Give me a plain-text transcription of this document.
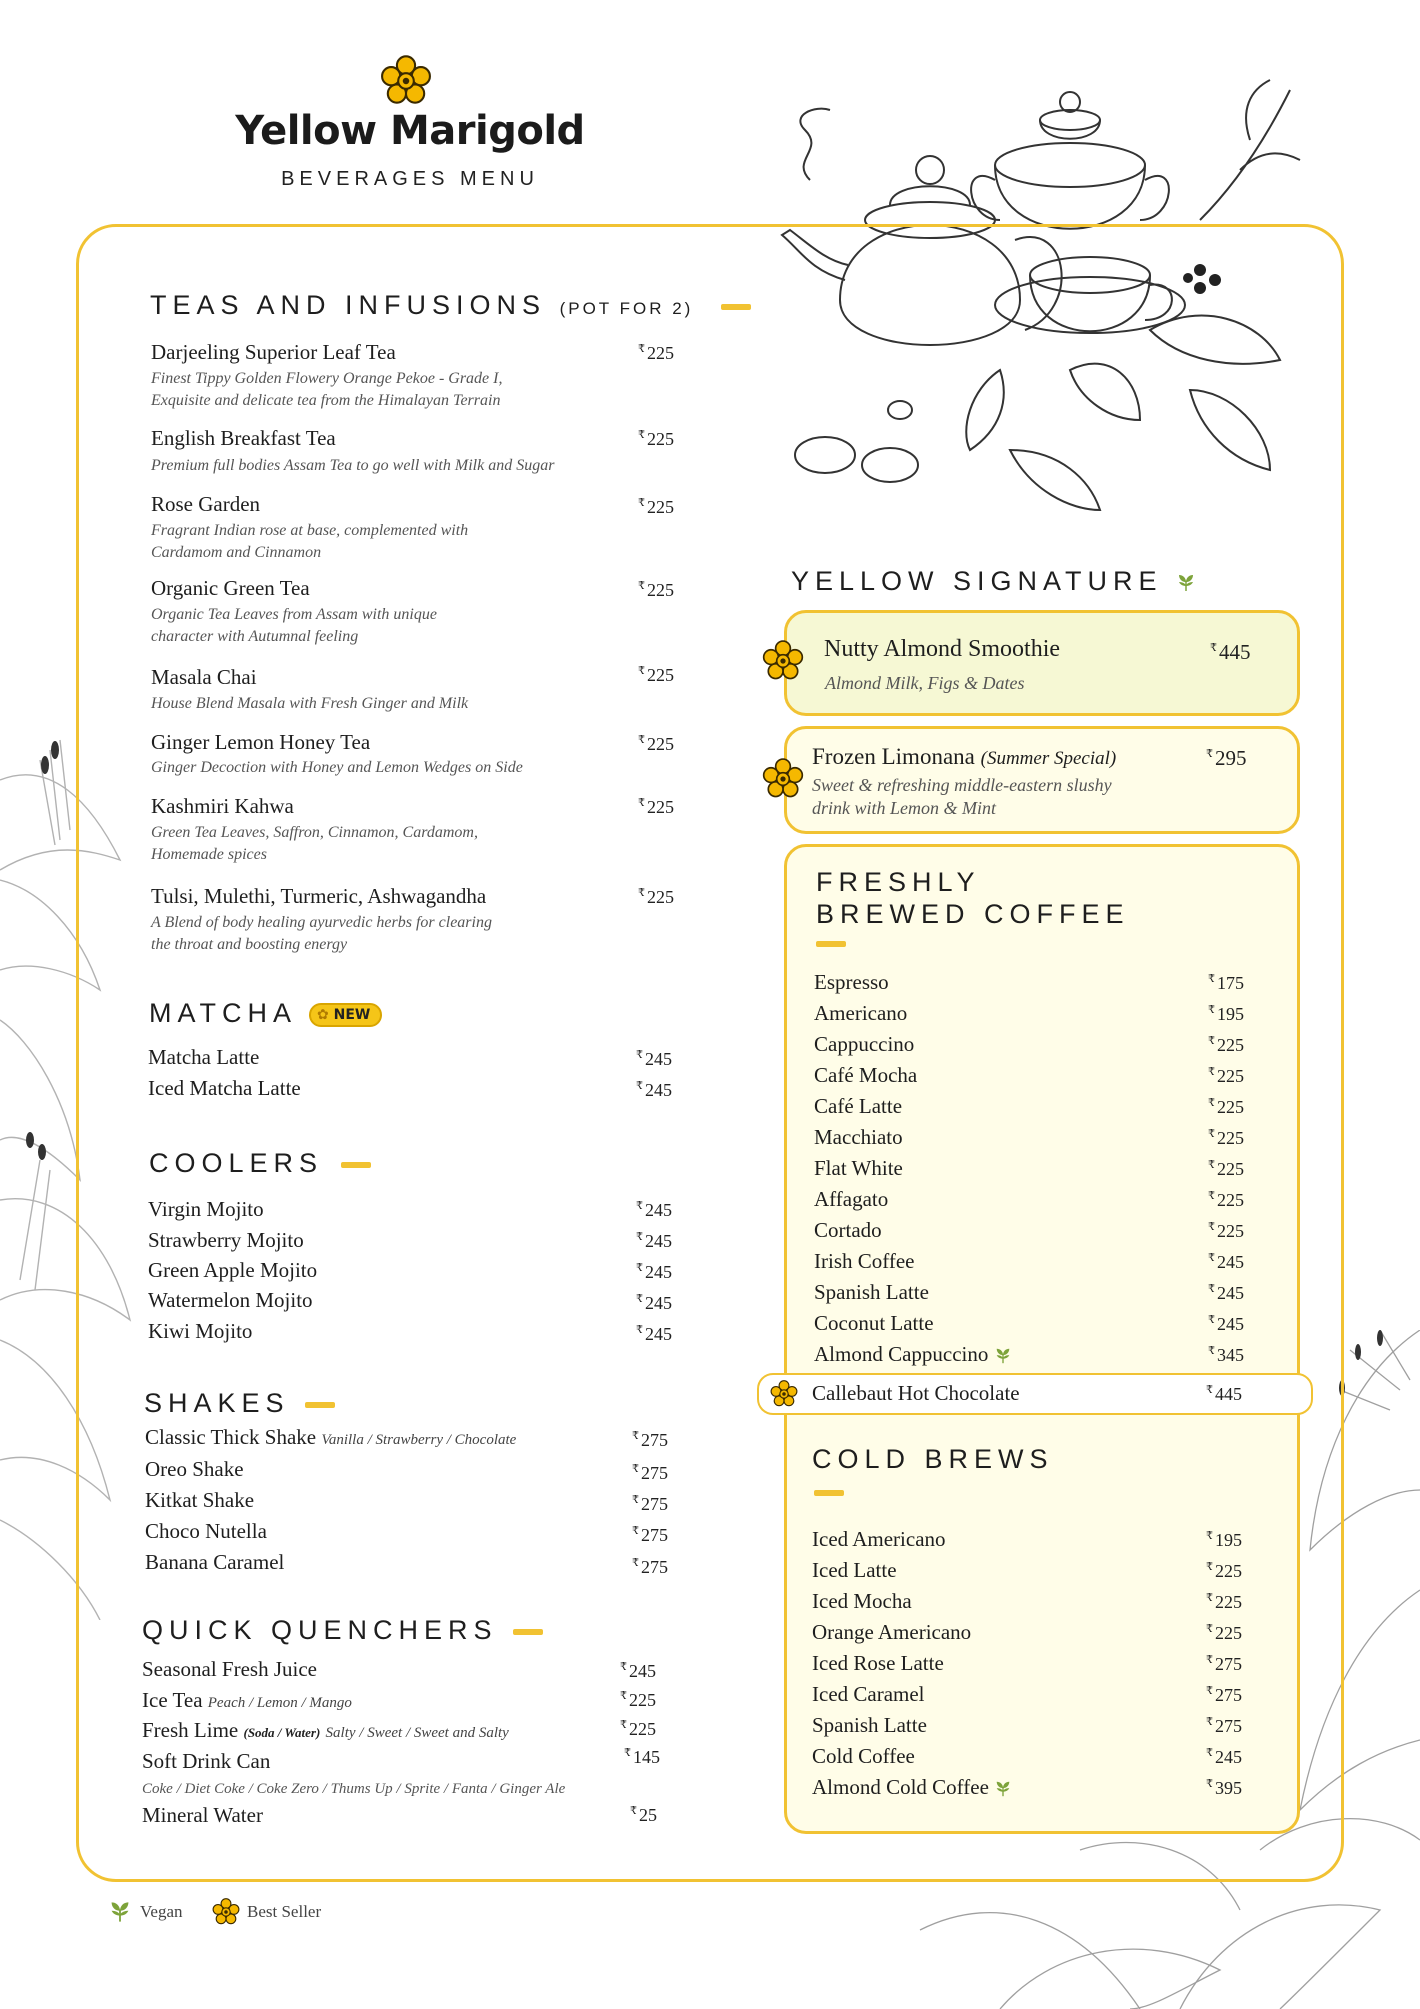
Yellow Marigold
BEVERAGES MENU
TEAS AND INFUSIONS (POT FOR 2)
Darjeeling Superior Leaf Tea	₹ 225
Finest Tippy Golden Flowery Orange Pekoe - Grade I,
Exquisite and delicate tea from the Himalayan Terrain
English Breakfast Tea	₹ 225
Premium full bodies Assam Tea to go well with Milk and Sugar
Rose Garden	₹ 225
Fragrant Indian rose at base, complemented with
Cardamom and Cinnamon
Organic Green Tea	₹ 225
Organic Tea Leaves from Assam with unique
character with Autumnal feeling
Masala Chai	₹ 225
House Blend Masala with Fresh Ginger and Milk
Ginger Lemon Honey Tea	₹ 225
Ginger Decoction with Honey and Lemon Wedges on Side
Kashmiri Kahwa	₹ 225
Green Tea Leaves, Saffron, Cinnamon, Cardamom,
Homemade spices
Tulsi, Mulethi, Turmeric, Ashwagandha	₹ 225
A Blend of body healing ayurvedic herbs for clearing
the throat and boosting energy
MATCHA ✿ NEW
Matcha Latte	₹ 245
Iced Matcha Latte	₹ 245
COOLERS
Virgin Mojito	₹ 245
Strawberry Mojito	₹ 245
Green Apple Mojito	₹ 245
Watermelon Mojito	₹ 245
Kiwi Mojito	₹ 245
SHAKES
Classic Thick Shake Vanilla / Strawberry / Chocolate	₹ 275
Oreo Shake	₹ 275
Kitkat Shake	₹ 275
Choco Nutella	₹ 275
Banana Caramel	₹ 275
QUICK QUENCHERS
Seasonal Fresh Juice	₹ 245
Ice Tea Peach / Lemon / Mango	₹ 225
Fresh Lime (Soda / Water) Salty / Sweet / Sweet and Salty	₹ 225
Soft Drink Can	₹ 145
Coke / Diet Coke / Coke Zero / Thums Up / Sprite / Fanta / Ginger Ale
Mineral Water	₹ 25
YELLOW SIGNATURE
Nutty Almond Smoothie	₹445
Almond Milk, Figs & Dates
Frozen Limonana (Summer Special)	₹295
Sweet & refreshing middle-eastern slushy
drink with Lemon & Mint
FRESHLY
BREWED COFFEE
Espresso	₹ 175
Americano	₹ 195
Cappuccino	₹ 225
Café Mocha	₹ 225
Café Latte	₹ 225
Macchiato	₹ 225
Flat White	₹ 225
Affagato	₹ 225
Cortado	₹ 225
Irish Coffee	₹ 245
Spanish Latte	₹ 245
Coconut Latte	₹ 245
Almond Cappuccino	₹ 345
Callebaut Hot Chocolate	₹ 445
COLD BREWS
Iced Americano	₹ 195
Iced Latte	₹ 225
Iced Mocha	₹ 225
Orange Americano	₹ 225
Iced Rose Latte	₹ 275
Iced Caramel	₹ 275
Spanish Latte	₹ 275
Cold Coffee	₹ 245
Almond Cold Coffee	₹ 395
Vegan	Best Seller
